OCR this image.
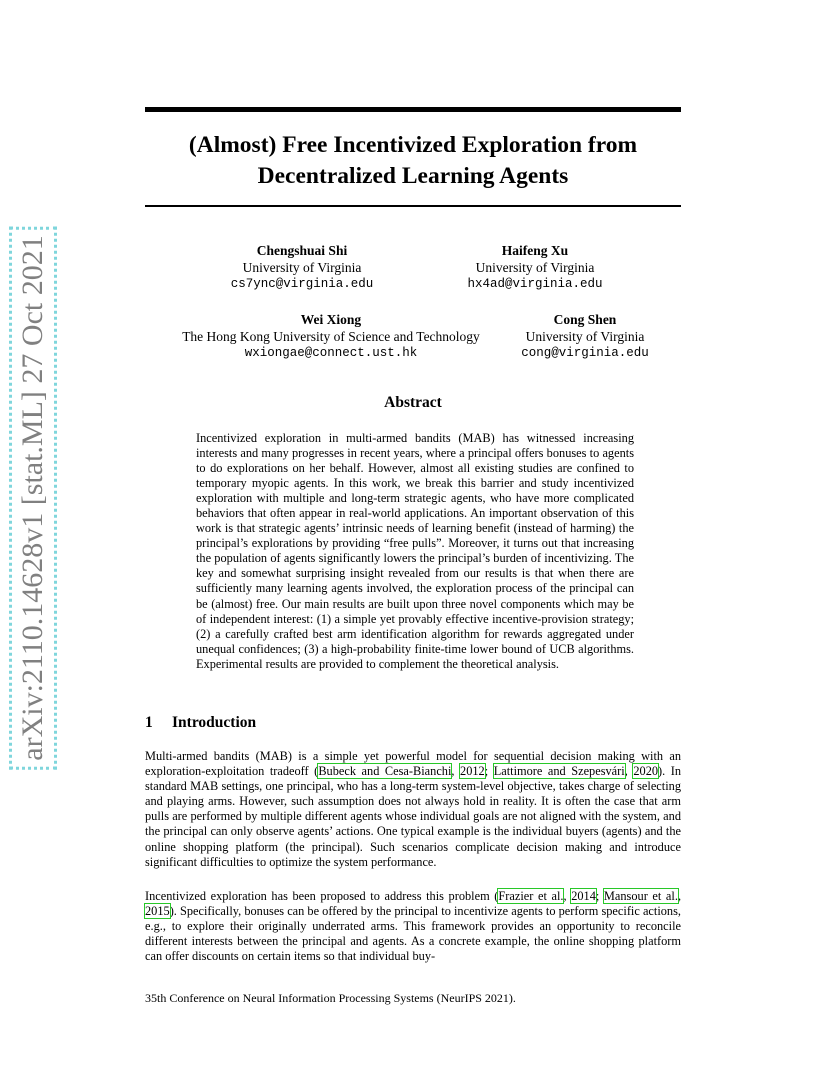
arXiv:2110.14628v1 [stat.ML] 27 Oct 2021
(Almost) Free Incentivized Exploration from
Decentralized Learning Agents
Chengshuai Shi
University of Virginia
cs7ync@virginia.edu
Haifeng Xu
University of Virginia
hx4ad@virginia.edu
Wei Xiong
The Hong Kong University of Science and Technology
wxiongae@connect.ust.hk
Cong Shen
University of Virginia
cong@virginia.edu
Abstract
Incentivized exploration in multi-armed bandits (MAB) has witnessed increasing interests and many progresses in recent years, where a principal offers bonuses to agents to do explorations on her behalf. However, almost all existing studies are confined to temporary myopic agents. In this work, we break this barrier and study incentivized exploration with multiple and long-term strategic agents, who have more complicated behaviors that often appear in real-world applications. An important observation of this work is that strategic agents’ intrinsic needs of learning benefit (instead of harming) the principal’s explorations by providing “free pulls”. Moreover, it turns out that increasing the population of agents significantly lowers the principal’s burden of incentivizing. The key and somewhat surprising insight revealed from our results is that when there are sufficiently many learning agents involved, the exploration process of the principal can be (almost) free. Our main results are built upon three novel components which may be of independent interest: (1) a simple yet provably effective incentive-provision strategy; (2) a carefully crafted best arm identification algorithm for rewards aggregated under unequal confidences; (3) a high-probability finite-time lower bound of UCB algorithms. Experimental results are provided to complement the theoretical analysis.
1 Introduction
Multi-armed bandits (MAB) is a simple yet powerful model for sequential decision making with an exploration-exploitation tradeoff (Bubeck and Cesa-Bianchi, 2012; Lattimore and Szepesvári, 2020). In standard MAB settings, one principal, who has a long-term system-level objective, takes charge of selecting and playing arms. However, such assumption does not always hold in reality. It is often the case that arm pulls are performed by multiple different agents whose individual goals are not aligned with the system, and the principal can only observe agents’ actions. One typical example is the individual buyers (agents) and the online shopping platform (the principal). Such scenarios complicate decision making and introduce significant difficulties to optimize the system performance.
Incentivized exploration has been proposed to address this problem (Frazier et al., 2014; Mansour et al., 2015). Specifically, bonuses can be offered by the principal to incentivize agents to perform specific actions, e.g., to explore their originally underrated arms. This framework provides an opportunity to reconcile different interests between the principal and agents. As a concrete example, the online shopping platform can offer discounts on certain items so that individual buy-
35th Conference on Neural Information Processing Systems (NeurIPS 2021).
